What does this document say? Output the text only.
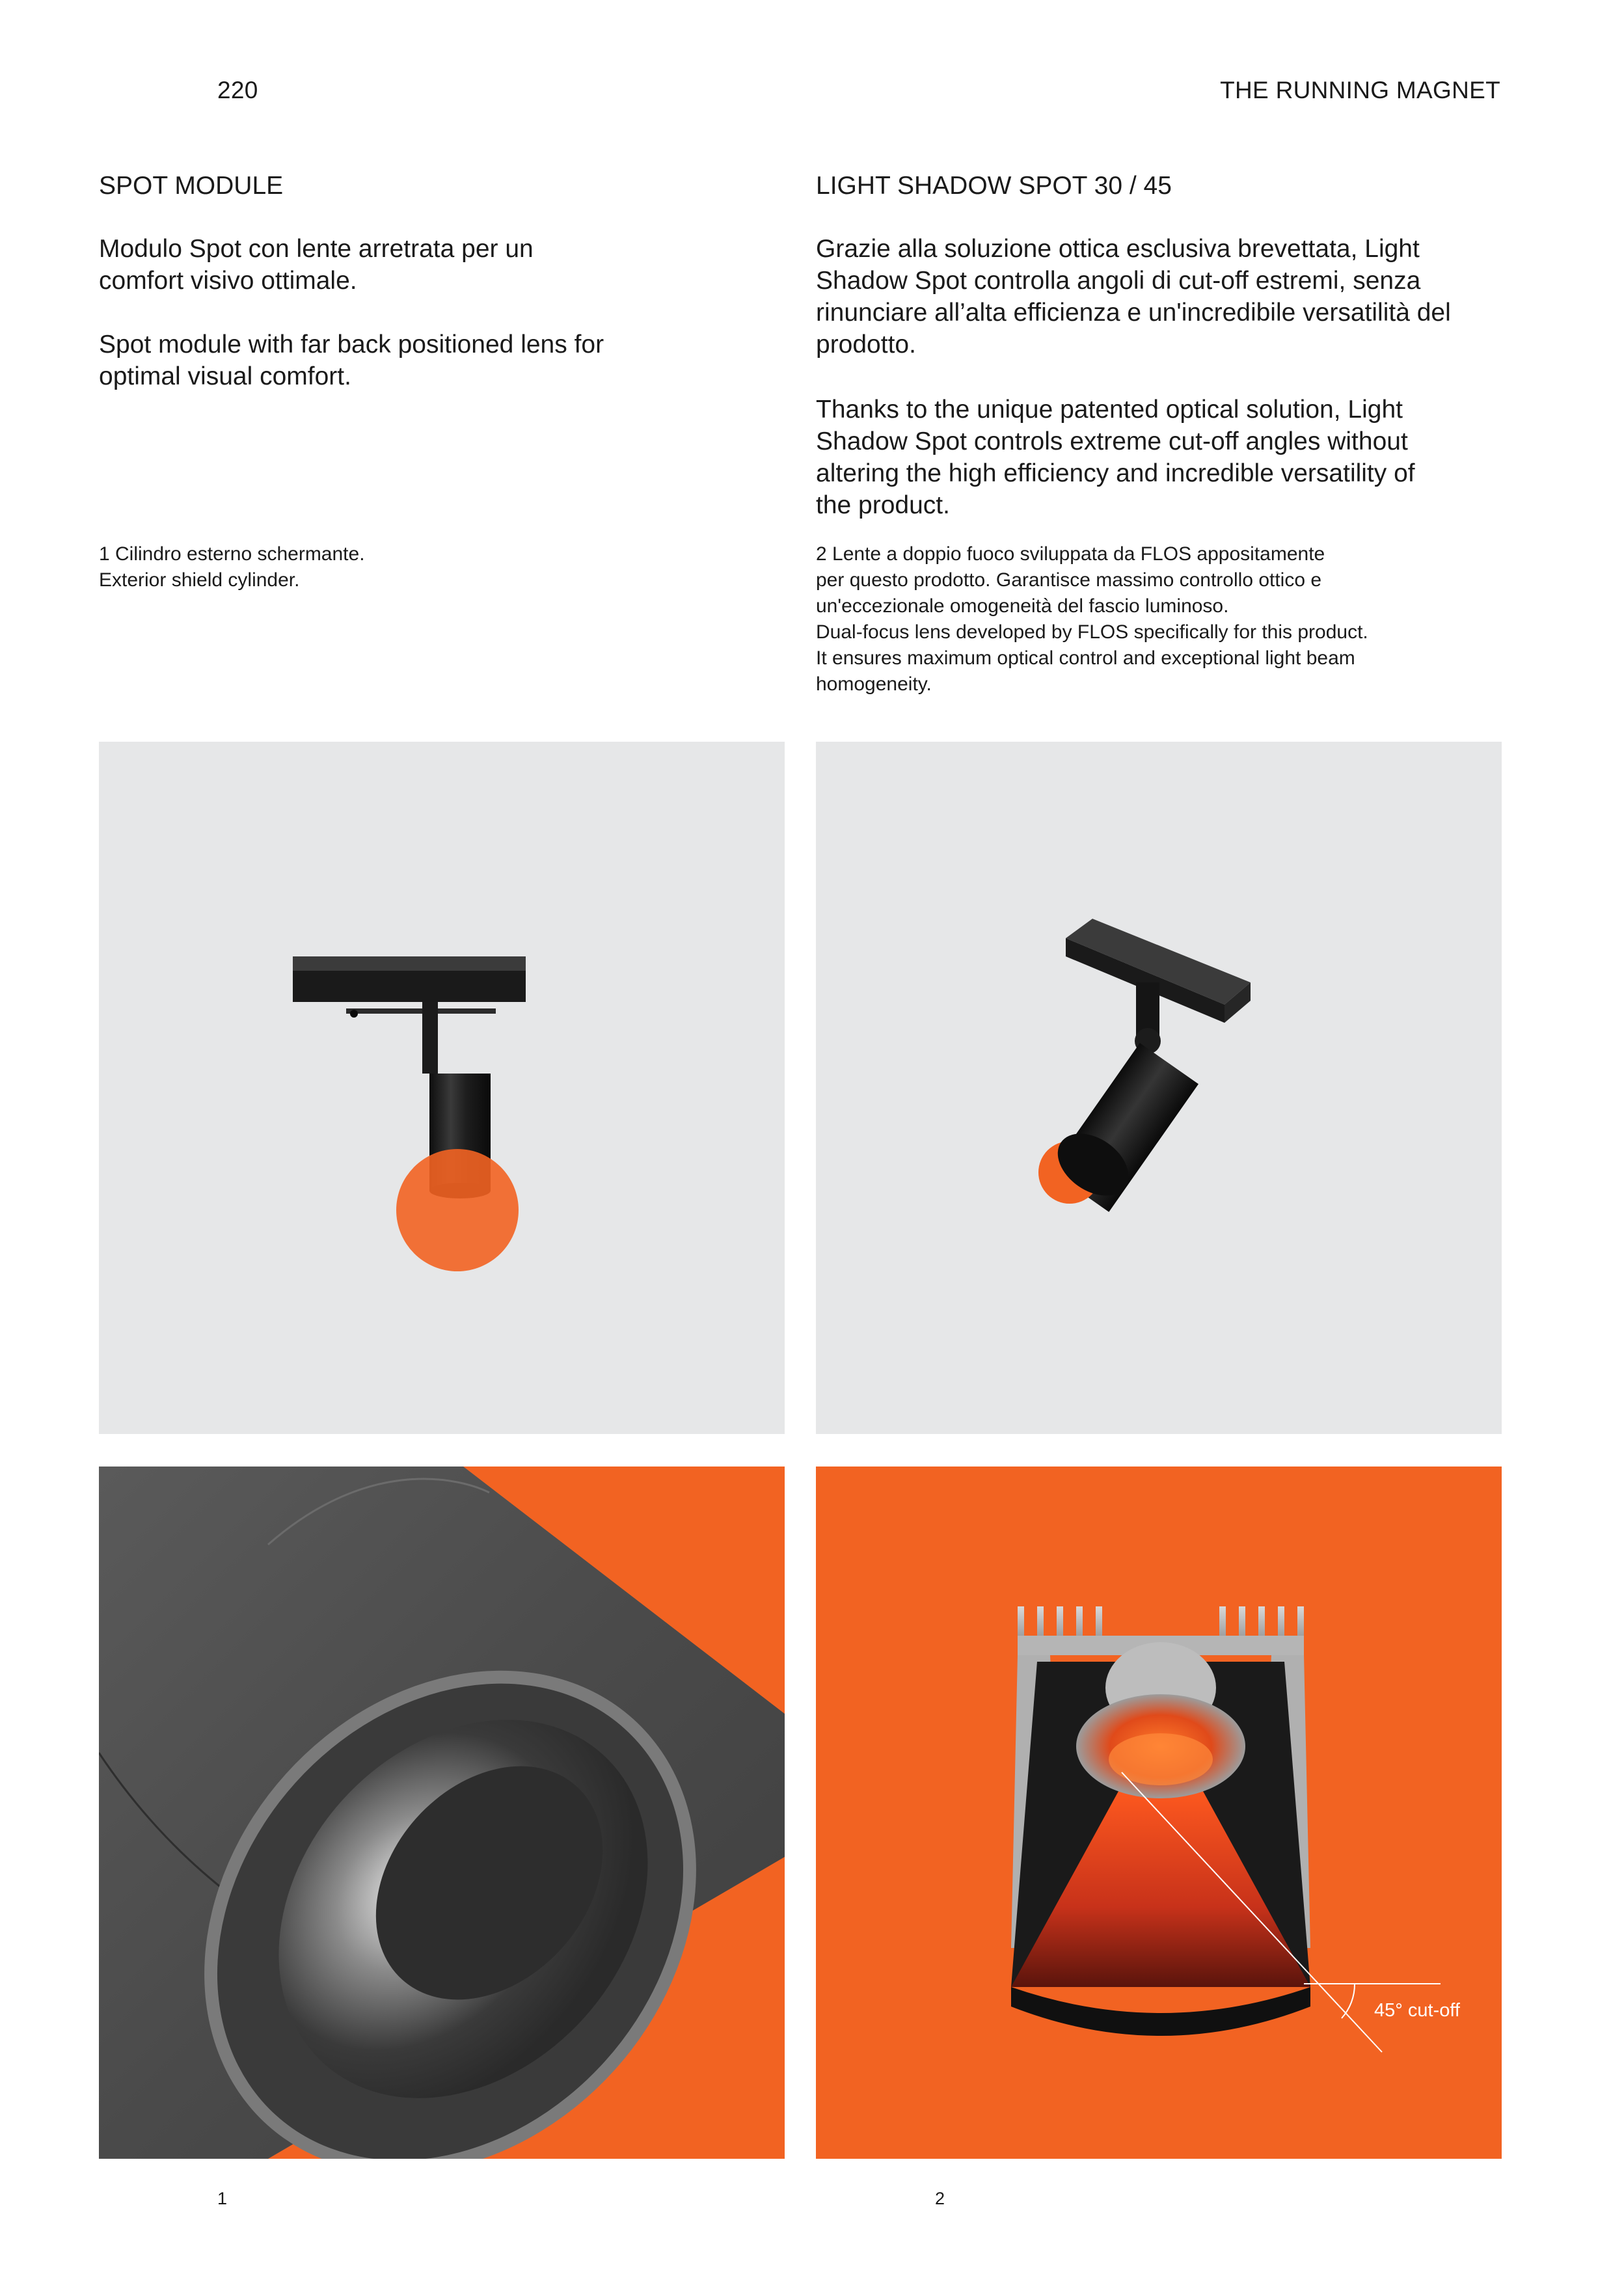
220	THE RUNNING MAGNET
SPOT MODULE
Modulo Spot con lente arretrata per un
comfort visivo ottimale.
Spot module with far back positioned lens for
optimal visual comfort.
1 Cilindro esterno schermante.
Exterior shield cylinder.
LIGHT SHADOW SPOT 30 / 45
Grazie alla soluzione ottica esclusiva brevettata, Light
Shadow Spot controlla angoli di cut-off estremi, senza
rinunciare all’alta efficienza e un'incredibile versatilità del
prodotto.
Thanks to the unique patented optical solution, Light
Shadow Spot controls extreme cut-off angles without
altering the high efficiency and incredible versatility of
the product.
2 Lente a doppio fuoco sviluppata da FLOS appositamente
per questo prodotto. Garantisce massimo controllo ottico e
un'eccezionale omogeneità del fascio luminoso.
Dual-focus lens developed by FLOS specifically for this product.
It ensures maximum optical control and exceptional light beam
homogeneity.
45° cut-off
1	2
